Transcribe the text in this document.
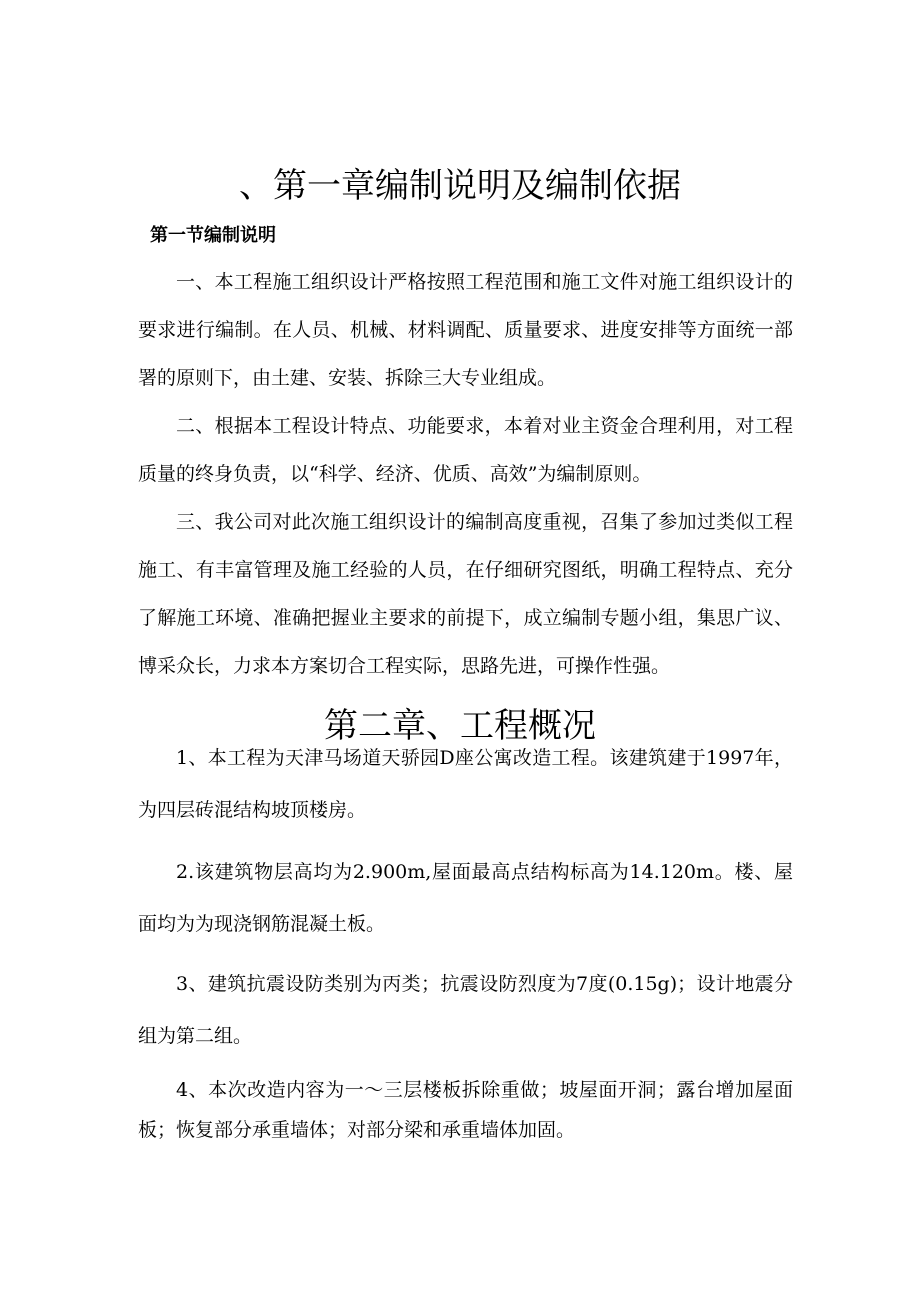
、第一章编制说明及编制依据
第一节编制说明

一、本工程施工组织设计严格按照工程范围和施工文件对施工组织设计的要求进行编制。在人员、机械、材料调配、质量要求、进度安排等方面统一部署的原则下，由土建、安装、拆除三大专业组成。

二、根据本工程设计特点、功能要求，本着对业主资金合理利用，对工程质量的终身负责，以“科学、经济、优质、高效”为编制原则。

三、我公司对此次施工组织设计的编制高度重视，召集了参加过类似工程施工、有丰富管理及施工经验的人员，在仔细研究图纸，明确工程特点、充分了解施工环境、准确把握业主要求的前提下，成立编制专题小组，集思广议、博采众长，力求本方案切合工程实际，思路先进，可操作性强。

第二章、工程概况

1、本工程为天津马场道天骄园D座公寓改造工程。该建筑建于1997年，为四层砖混结构坡顶楼房。

2.该建筑物层高均为2.900m,屋面最高点结构标高为14.120m。楼、屋面均为为现浇钢筋混凝土板。

3、建筑抗震设防类别为丙类；抗震设防烈度为7度(0.15g)；设计地震分组为第二组。

4、本次改造内容为一～三层楼板拆除重做；坡屋面开洞；露台增加屋面板；恢复部分承重墙体；对部分梁和承重墙体加固。
